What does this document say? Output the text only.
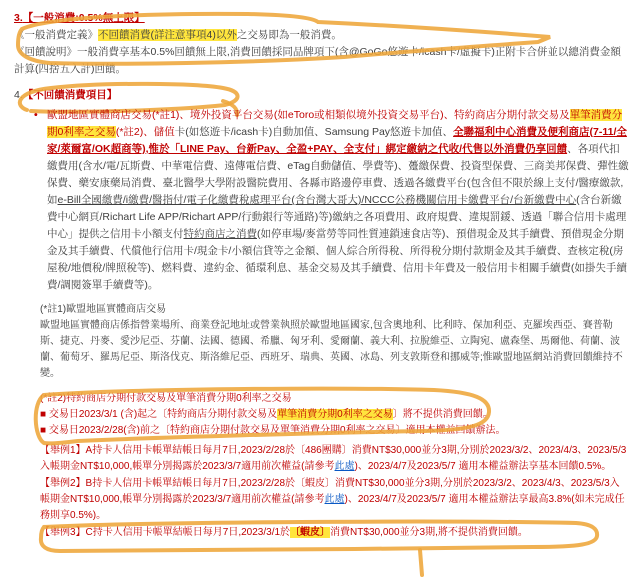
3.【一般消費:0.5%無上限】

《一般消費定義》不回饋消費(詳注意事項4)以外之交易即為一般消費。

《回饋說明》一般消費享基本0.5%回饋無上限,消費回饋採同品牌項下(含@GoGo悠遊卡/icash卡/虛擬卡)正附卡合併並以總消費金額計算(四捨五入計)回饋。

4.【不回饋消費項目】

• 歐盟地區實體商店交易(*註1)、境外投資平台交易(如eToro或相類似境外投資交易平台)、特約商店分期付款交易及單筆消費分期0利率之交易(*註2)、儲值卡(如悠遊卡/icash卡)自動加值、Samsung Pay悠遊卡加值、全聯福利中心消費及便利商店(7-11/全家/萊爾富/OK超商等),惟於「LINE Pay、台新Pay、全盈+PAY、全支付」綁定繳納之代收/代售以外消費仍享回饋、各項代扣繳費用(含水/電/瓦斯費、中華電信費、遠傳電信費、eTag自動儲值、學費等)、躉繳保費、投資型保費、三商美邦保費、彈性繳保費、藥安康藥局消費、臺北醫學大學附設醫院費用、各縣市路邊停車費、透過各繳費平台(包含但不限於線上支付/醫療繳款,如e-Bill全國繳費/i繳費/醫指付/電子化繳費稅處理平台(含台灣大哥大)/NCCC公務機關信用卡繳費平台/台新繳費中心(含台新繳費中心網頁/Richart Life APP/Richart APP/行動銀行等通路)等)繳納之各項費用、政府規費、違規罰鍰、透過「聯合信用卡處理中心」提供之信用卡小額支付特約商店之消費(如停車場/麥當勞等同性質連鎖速食店等)、預借現金及其手續費、預借現金分期金及其手續費、代償他行信用卡/現金卡/小額信貸等之金額、個人綜合所得稅、所得稅分期付款期金及其手續費、查核定稅(房屋稅/地價稅/牌照稅等)、燃料費、違約金、循環利息、基金交易及其手續費、信用卡年費及一般信用卡相關手續費(如掛失手續費/調閱簽單手續費等)。

(*註1)歐盟地區實體商店交易

歐盟地區實體商店係指營業場所、商業登記地址或營業執照於歐盟地區國家,包含奧地利、比利時、保加利亞、克羅埃西亞、賽普勒斯、捷克、丹麥、愛沙尼亞、芬蘭、法國、德國、希臘、匈牙利、愛爾蘭、義大利、拉脫維亞、立陶宛、盧森堡、馬爾他、荷蘭、波蘭、葡萄牙、羅馬尼亞、斯洛伐克、斯洛維尼亞、西班牙、瑞典、英國、冰島、列支敦斯登和挪威等;惟歐盟地區網站消費回饋維持不變。

(*註2)特約商店分期付款交易及單筆消費分期0利率之交易

■ 交易日2023/3/1 (含)起之〔特約商店分期付款交易及單筆消費分期0利率之交易〕將不提供消費回饋。

■ 交易日2023/2/28(含)前之〔特約商店分期付款交易及單筆消費分期0利率之交易〕適用本權益回饋辦法。

【舉例1】A持卡人信用卡帳單結帳日每月7日,2023/2/28於〔486團購〕消費NT$30,000並分3期,分別於2023/3/2、2023/4/3、2023/5/3入帳期金NT$10,000,帳單分別揭露於2023/3/7適用前次權益(請參考此處)、2023/4/7及2023/5/7 適用本權益辦法享基本回饋0.5%。

【舉例2】B持卡人信用卡帳單結帳日每月7日,2023/2/28於〔蝦皮〕消費NT$30,000並分3期,分別於2023/3/2、2023/4/3、2023/5/3入帳期金NT$10,000,帳單分別揭露於2023/3/7適用前次權益(請參考此處)、2023/4/7及2023/5/7 適用本權益辦法享最高3.8%(如未完成任務則享0.5%)。

【舉例3】C持卡人信用卡帳單結帳日每月7日,2023/3/1於〔蝦皮〕消費NT$30,000並分3期,將不提供消費回饋。
